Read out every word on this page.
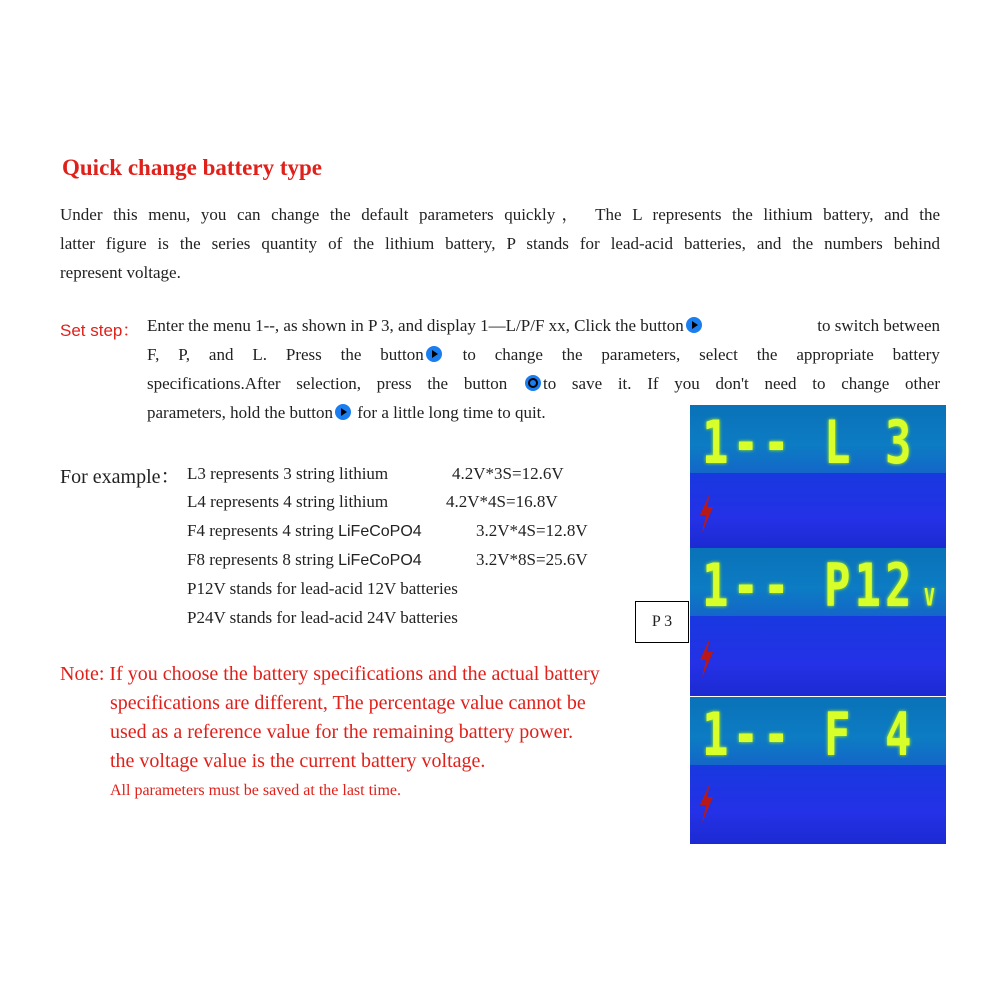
Quick change battery type
Under this menu, you can change the default parameters quickly， The L represents the lithium battery, and the
latter figure is the series quantity of the lithium battery, P stands for lead-acid batteries, and the numbers behind
represent voltage.
Set step： Enter the menu 1--, as shown in P 3, and display 1—L/P/F xx, Click the button	to switch between
F, P, and L. Press the button	to change the parameters, select the appropriate battery
specifications.After selection, press the button	to save it. If you don't need to change other
parameters, hold the button for a little long time to quit.
For example： L3 represents 3 string lithium	4.2V*3S=12.6V
L4 represents 4 string lithium	4.2V*4S=16.8V
F4 represents 4 string LiFeCoPO4	3.2V*4S=12.8V
F8 represents 8 string LiFeCoPO4	3.2V*8S=25.6V
P12V stands for lead-acid 12V batteries
P24V stands for lead-acid 24V batteries	P 3
Note: If you choose the battery specifications and the actual battery
specifications are different, The percentage value cannot be
used as a reference value for the remaining battery power.
the voltage value is the current battery voltage.
All parameters must be saved at the last time.
1-- L 3
1-- P12 V
1-- F 4
